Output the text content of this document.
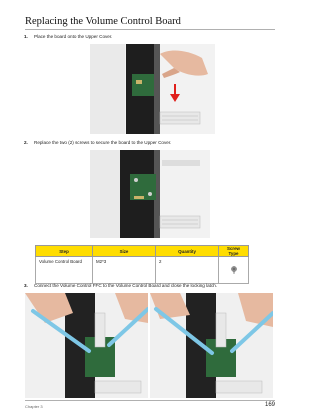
Replacing the Volume Control Board
1. Place the board onto the Upper Cover.
2. Replace the two (2) screws to secure the board to the Upper Cover.
Step	Size	Quantity	Screw Type
Volume Control Board	M2*3	2	
3. Connect the Volume Control FFC to the Volume Control Board and close the locking latch.
Chapter 3	169
